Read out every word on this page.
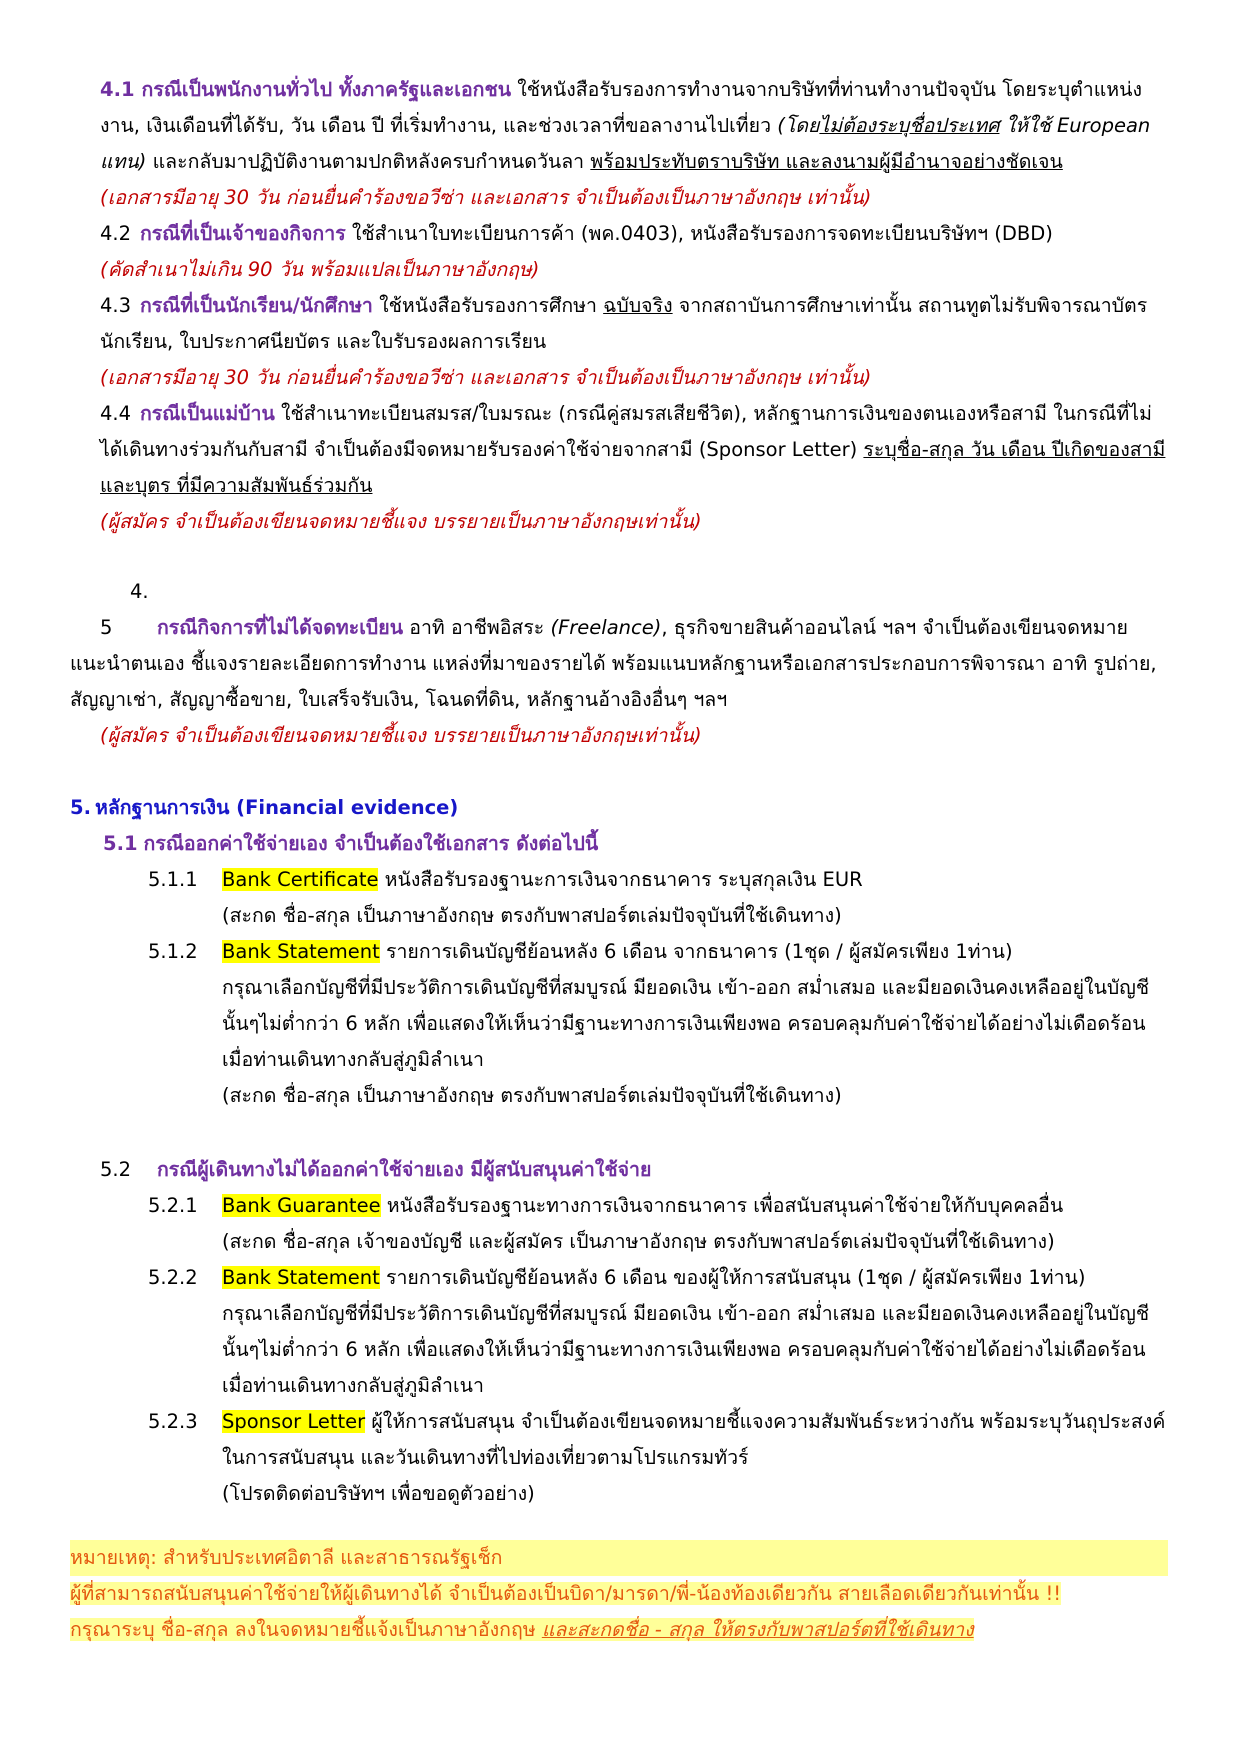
4.1 กรณีเป็นพนักงานทั่วไป ทั้งภาครัฐและเอกชน ใช้หนังสือรับรองการทำงานจากบริษัทที่ท่านทำงานปัจจุบัน โดยระบุตำแหน่งงาน, เงินเดือนที่ได้รับ, วัน เดือน ปี ที่เริ่มทำงาน, และช่วงเวลาที่ขอลางานไปเที่ยว (โดยไม่ต้องระบุชื่อประเทศ ให้ใช้ European แทน) และกลับมาปฏิบัติงานตามปกติหลังครบกำหนดวันลา พร้อมประทับตราบริษัท และลงนามผู้มีอำนาจอย่างชัดเจน
(เอกสารมีอายุ 30 วัน ก่อนยื่นคำร้องขอวีซ่า และเอกสาร จำเป็นต้องเป็นภาษาอังกฤษ เท่านั้น)
4.2 กรณีที่เป็นเจ้าของกิจการ ใช้สำเนาใบทะเบียนการค้า (พค.0403), หนังสือรับรองการจดทะเบียนบริษัทฯ (DBD)
(คัดสำเนาไม่เกิน 90 วัน พร้อมแปลเป็นภาษาอังกฤษ)
4.3 กรณีที่เป็นนักเรียน/นักศึกษา ใช้หนังสือรับรองการศึกษา ฉบับจริง จากสถาบันการศึกษาเท่านั้น สถานทูตไม่รับพิจารณาบัตรนักเรียน, ใบประกาศนียบัตร และใบรับรองผลการเรียน
(เอกสารมีอายุ 30 วัน ก่อนยื่นคำร้องขอวีซ่า และเอกสาร จำเป็นต้องเป็นภาษาอังกฤษ เท่านั้น)
4.4 กรณีเป็นแม่บ้าน ใช้สำเนาทะเบียนสมรส/ใบมรณะ (กรณีคู่สมรสเสียชีวิต), หลักฐานการเงินของตนเองหรือสามี ในกรณีที่ไม่ได้เดินทางร่วมกันกับสามี จำเป็นต้องมีจดหมายรับรองค่าใช้จ่ายจากสามี (Sponsor Letter) ระบุชื่อ-สกุล วัน เดือน ปีเกิดของสามีและบุตร ที่มีความสัมพันธ์ร่วมกัน
(ผู้สมัคร จำเป็นต้องเขียนจดหมายชี้แจง บรรยายเป็นภาษาอังกฤษเท่านั้น)
4.5 กรณีกิจการที่ไม่ได้จดทะเบียน อาทิ อาชีพอิสระ (Freelance), ธุรกิจขายสินค้าออนไลน์ ฯลฯ จำเป็นต้องเขียนจดหมายแนะนำตนเอง ชี้แจงรายละเอียดการทำงาน แหล่งที่มาของรายได้ พร้อมแนบหลักฐานหรือเอกสารประกอบการพิจารณา อาทิ รูปถ่าย, สัญญาเช่า, สัญญาซื้อขาย, ใบเสร็จรับเงิน, โฉนดที่ดิน, หลักฐานอ้างอิงอื่นๆ ฯลฯ
(ผู้สมัคร จำเป็นต้องเขียนจดหมายชี้แจง บรรยายเป็นภาษาอังกฤษเท่านั้น)
5. หลักฐานการเงิน (Financial evidence)
5.1 กรณีออกค่าใช้จ่ายเอง จำเป็นต้องใช้เอกสาร ดังต่อไปนี้
5.1.1	Bank Certificate หนังสือรับรองฐานะการเงินจากธนาคาร ระบุสกุลเงิน EUR
(สะกด ชื่อ-สกุล เป็นภาษาอังกฤษ ตรงกับพาสปอร์ตเล่มปัจจุบันที่ใช้เดินทาง)
5.1.2	Bank Statement รายการเดินบัญชีย้อนหลัง 6 เดือน จากธนาคาร (1ชุด / ผู้สมัครเพียง 1ท่าน)
กรุณาเลือกบัญชีที่มีประวัติการเดินบัญชีที่สมบูรณ์ มียอดเงิน เข้า-ออก สม่ำเสมอ และมียอดเงินคงเหลืออยู่ในบัญชีนั้นๆไม่ต่ำกว่า 6 หลัก เพื่อแสดงให้เห็นว่ามีฐานะทางการเงินเพียงพอ ครอบคลุมกับค่าใช้จ่ายได้อย่างไม่เดือดร้อนเมื่อท่านเดินทางกลับสู่ภูมิลำเนา
(สะกด ชื่อ-สกุล เป็นภาษาอังกฤษ ตรงกับพาสปอร์ตเล่มปัจจุบันที่ใช้เดินทาง)
5.2 กรณีผู้เดินทางไม่ได้ออกค่าใช้จ่ายเอง มีผู้สนับสนุนค่าใช้จ่าย
5.2.1	Bank Guarantee หนังสือรับรองฐานะทางการเงินจากธนาคาร เพื่อสนับสนุนค่าใช้จ่ายให้กับบุคคลอื่น
(สะกด ชื่อ-สกุล เจ้าของบัญชี และผู้สมัคร เป็นภาษาอังกฤษ ตรงกับพาสปอร์ตเล่มปัจจุบันที่ใช้เดินทาง)
5.2.2	Bank Statement รายการเดินบัญชีย้อนหลัง 6 เดือน ของผู้ให้การสนับสนุน (1ชุด / ผู้สมัครเพียง 1ท่าน)
กรุณาเลือกบัญชีที่มีประวัติการเดินบัญชีที่สมบูรณ์ มียอดเงิน เข้า-ออก สม่ำเสมอ และมียอดเงินคงเหลืออยู่ในบัญชีนั้นๆไม่ต่ำกว่า 6 หลัก เพื่อแสดงให้เห็นว่ามีฐานะทางการเงินเพียงพอ ครอบคลุมกับค่าใช้จ่ายได้อย่างไม่เดือดร้อนเมื่อท่านเดินทางกลับสู่ภูมิลำเนา
5.2.3	Sponsor Letter ผู้ให้การสนับสนุน จำเป็นต้องเขียนจดหมายชี้แจงความสัมพันธ์ระหว่างกัน พร้อมระบุวันถุประสงค์ในการสนับสนุน และวันเดินทางที่ไปท่องเที่ยวตามโปรแกรมทัวร์
(โปรดติดต่อบริษัทฯ เพื่อขอดูตัวอย่าง)
หมายเหตุ: สำหรับประเทศอิตาลี และสาธารณรัฐเช็ก
ผู้ที่สามารถสนับสนุนค่าใช้จ่ายให้ผู้เดินทางได้ จำเป็นต้องเป็นบิดา/มารดา/พี่-น้องท้องเดียวกัน สายเลือดเดียวกันเท่านั้น !!
กรุณาระบุ ชื่อ-สกุล ลงในจดหมายชี้แจ้งเป็นภาษาอังกฤษ และสะกดชื่อ - สกุล ให้ตรงกับพาสปอร์ตที่ใช้เดินทาง
